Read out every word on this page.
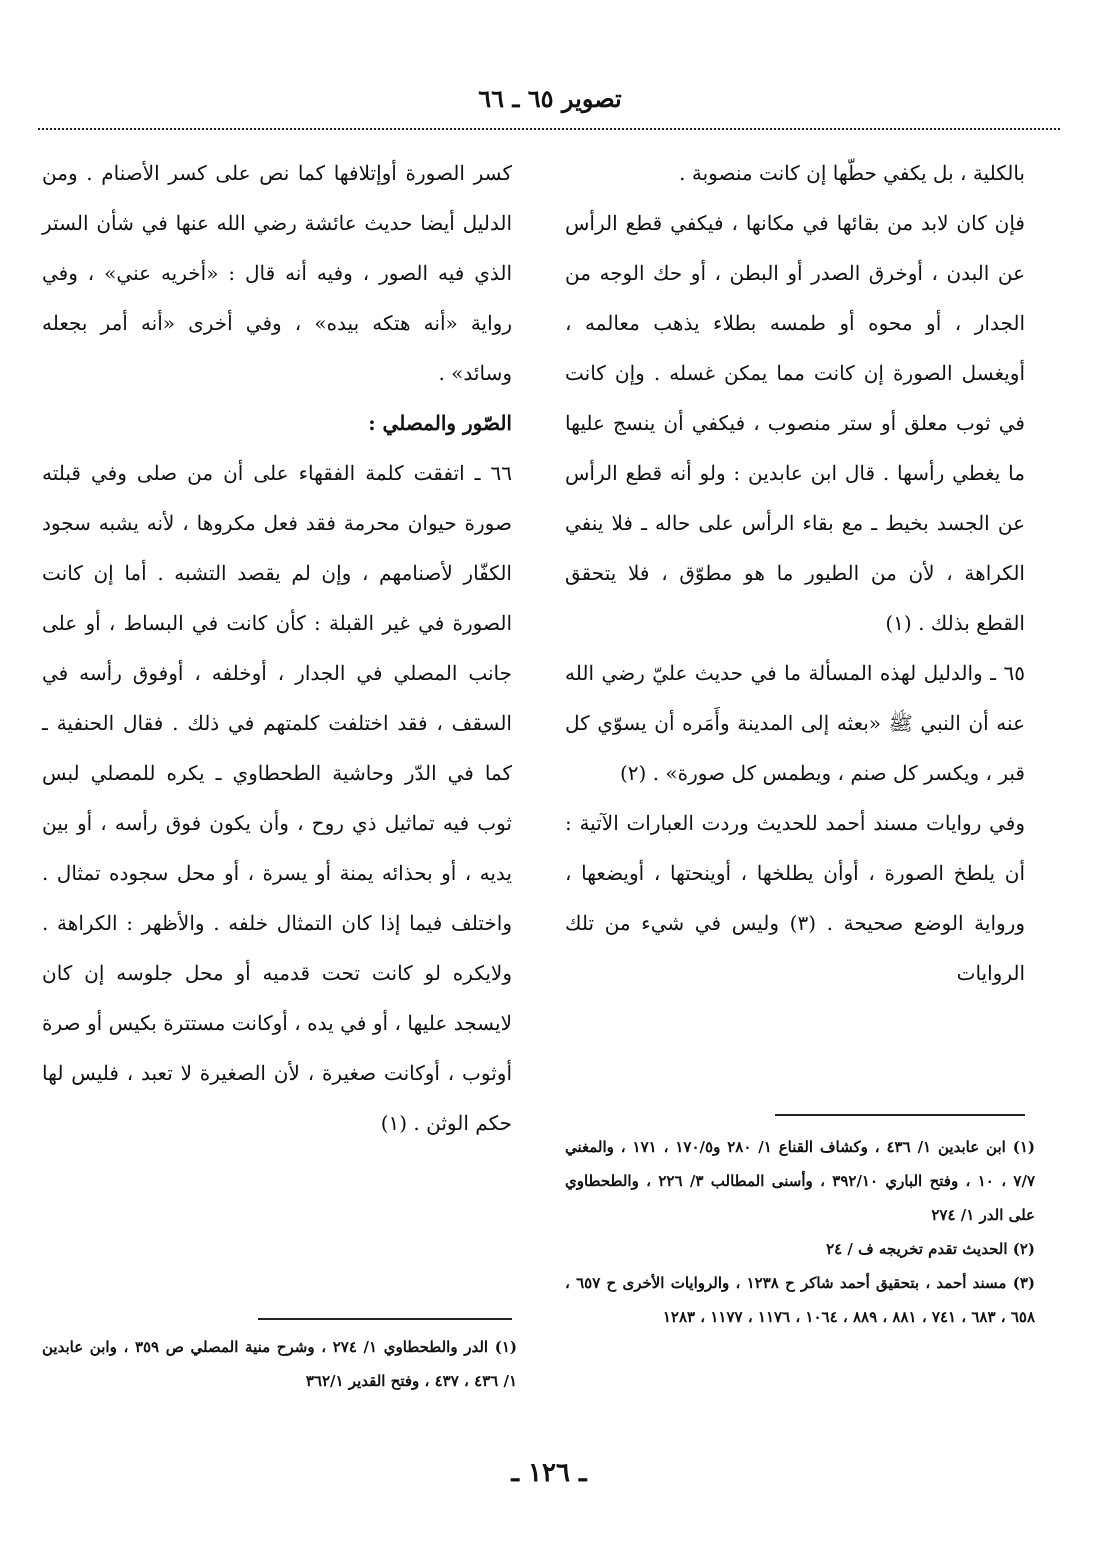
تصوير ٦٥ ـ ٦٦

بالكلية ، بل يكفي حطّها إن كانت منصوبة .

فإن كان لابد من بقائها في مكانها ، فيكفي قطع الرأس عن البدن ، أوخرق الصدر أو البطن ، أو حك الوجه من الجدار ، أو محوه أو طمسه بطلاء يذهب معالمه ، أويغسل الصورة إن كانت مما يمكن غسله . وإن كانت في ثوب معلق أو ستر منصوب ، فيكفي أن ينسج عليها ما يغطي رأسها . قال ابن عابدين : ولو أنه قطع الرأس عن الجسد بخيط ـ مع بقاء الرأس على حاله ـ فلا ينفي الكراهة ، لأن من الطيور ما هو مطوّق ، فلا يتحقق القطع بذلك . (١)

٦٥ ـ والدليل لهذه المسألة ما في حديث عليّ رضي الله عنه أن النبي ﷺ «بعثه إلى المدينة وأَمَره أن يسوّي كل قبر ، ويكسر كل صنم ، ويطمس كل صورة» . (٢)

وفي روايات مسند أحمد للحديث وردت العبارات الآتية : أن يلطخ الصورة ، أوأن يطلخها ، أوينحتها ، أويضعها ، ورواية الوضع صحيحة . (٣) وليس في شيء من تلك الروايات

كسر الصورة أوإتلافها كما نص على كسر الأصنام . ومن الدليل أيضا حديث عائشة رضي الله عنها في شأن الستر الذي فيه الصور ، وفيه أنه قال : «أخريه عني» ، وفي رواية «أنه هتكه بيده» ، وفي أخرى «أنه أمر بجعله وسائد» .

الصّور والمصلي :

٦٦ ـ اتفقت كلمة الفقهاء على أن من صلى وفي قبلته صورة حيوان محرمة فقد فعل مكروها ، لأنه يشبه سجود الكفّار لأصنامهم ، وإن لم يقصد التشبه . أما إن كانت الصورة في غير القبلة : كأن كانت في البساط ، أو على جانب المصلي في الجدار ، أوخلفه ، أوفوق رأسه في السقف ، فقد اختلفت كلمتهم في ذلك . فقال الحنفية ـ كما في الدّر وحاشية الطحطاوي ـ يكره للمصلي لبس ثوب فيه تماثيل ذي روح ، وأن يكون فوق رأسه ، أو بين يديه ، أو بحذائه يمنة أو يسرة ، أو محل سجوده تمثال . واختلف فيما إذا كان التمثال خلفه . والأظهر : الكراهة . ولايكره لو كانت تحت قدميه أو محل جلوسه إن كان لايسجد عليها ، أو في يده ، أوكانت مستترة بكيس أو صرة أوثوب ، أوكانت صغيرة ، لأن الصغيرة لا تعبد ، فليس لها حكم الوثن . (١)

(١) ابن عابدين ١/ ٤٣٦ ، وكشاف القناع ١/ ٢٨٠ و١٧٠/٥ ، ١٧١ ، والمغني ٧/٧ ، ١٠ ، وفتح الباري ٣٩٢/١٠ ، وأسنى المطالب ٣/ ٢٢٦ ، والطحطاوي على الدر ١/ ٢٧٤

(٢) الحديث تقدم تخريجه ف / ٢٤

(٣) مسند أحمد ، بتحقيق أحمد شاكر ح ١٢٣٨ ، والروايات الأخرى ح ٦٥٧ ، ٦٥٨ ، ٦٨٣ ، ٧٤١ ، ٨٨١ ، ٨٨٩ ، ١٠٦٤ ، ١١٧٦ ، ١١٧٧ ، ١٢٨٣

(١) الدر والطحطاوي ١/ ٢٧٤ ، وشرح منية المصلي ص ٣٥٩ ، وابن عابدين ١/ ٤٣٦ ، ٤٣٧ ، وفتح القدير ٣٦٢/١

ـ ١٢٦ ـ
